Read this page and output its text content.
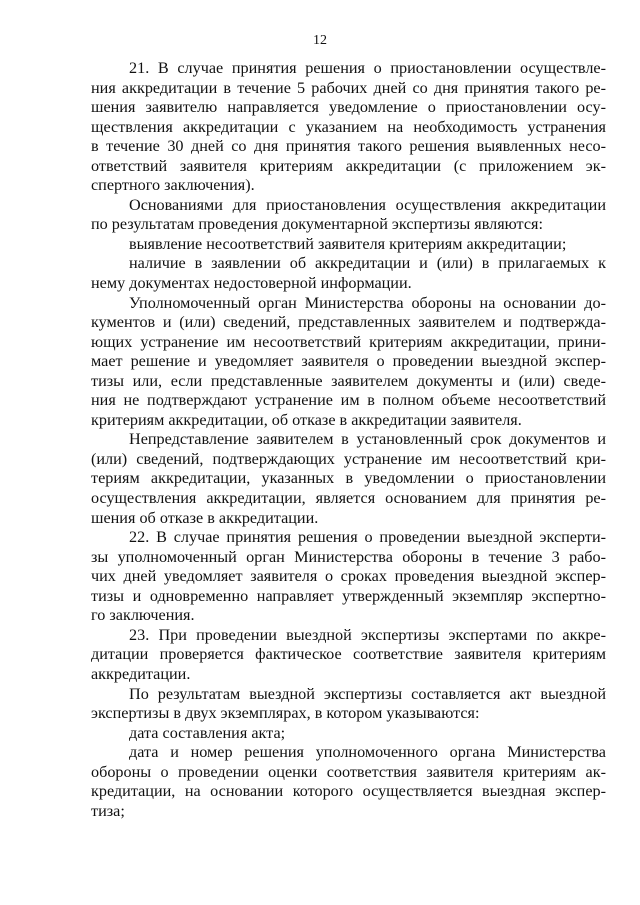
12
21. В случае принятия решения о приостановлении осуществле-
ния аккредитации в течение 5 рабочих дней со дня принятия такого ре-
шения заявителю направляется уведомление о приостановлении осу-
ществления аккредитации с указанием на необходимость устранения
в течение 30 дней со дня принятия такого решения выявленных несо-
ответствий заявителя критериям аккредитации (с приложением эк-
спертного заключения).
Основаниями для приостановления осуществления аккредитации
по результатам проведения документарной экспертизы являются:
выявление несоответствий заявителя критериям аккредитации;
наличие в заявлении об аккредитации и (или) в прилагаемых к
нему документах недостоверной информации.
Уполномоченный орган Министерства обороны на основании до-
кументов и (или) сведений, представленных заявителем и подтвержда-
ющих устранение им несоответствий критериям аккредитации, прини-
мает решение и уведомляет заявителя о проведении выездной экспер-
тизы или, если представленные заявителем документы и (или) сведе-
ния не подтверждают устранение им в полном объеме несоответствий
критериям аккредитации, об отказе в аккредитации заявителя.
Непредставление заявителем в установленный срок документов и
(или) сведений, подтверждающих устранение им несоответствий кри-
териям аккредитации, указанных в уведомлении о приостановлении
осуществления аккредитации, является основанием для принятия ре-
шения об отказе в аккредитации.
22. В случае принятия решения о проведении выездной эксперти-
зы уполномоченный орган Министерства обороны в течение 3 рабо-
чих дней уведомляет заявителя о сроках проведения выездной экспер-
тизы и одновременно направляет утвержденный экземпляр экспертно-
го заключения.
23. При проведении выездной экспертизы экспертами по аккре-
дитации проверяется фактическое соответствие заявителя критериям
аккредитации.
По результатам выездной экспертизы составляется акт выездной
экспертизы в двух экземплярах, в котором указываются:
дата составления акта;
дата и номер решения уполномоченного органа Министерства
обороны о проведении оценки соответствия заявителя критериям ак-
кредитации, на основании которого осуществляется выездная экспер-
тиза;
